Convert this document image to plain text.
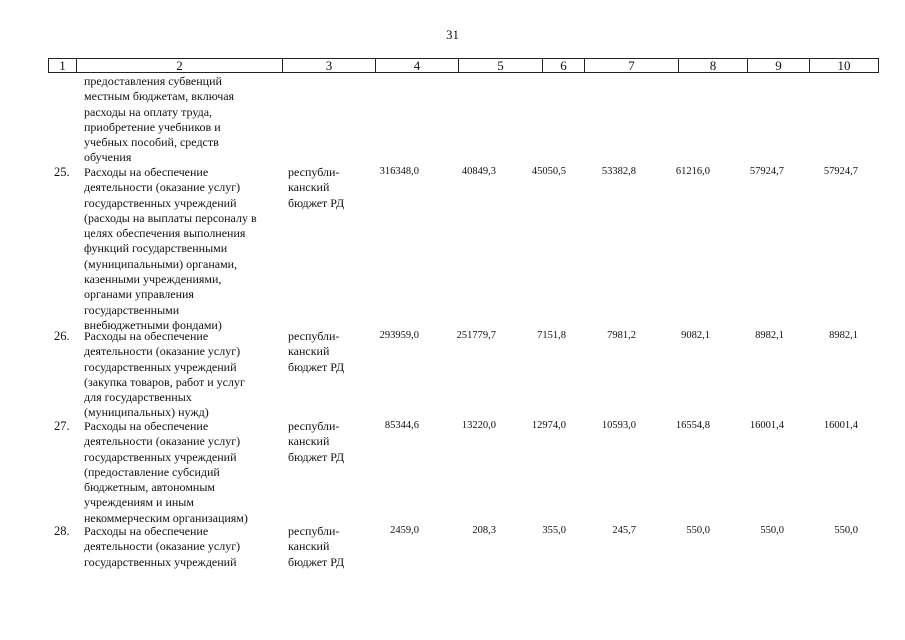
31
1	2	3	4	5	6	7	8	9	10
предоставления субвенций
местным бюджетам, включая
расходы на оплату труда,
приобретение учебников и
учебных пособий, средств
обучения
25. Расходы на обеспечение
деятельности (оказание услуг)
государственных учреждений
(расходы на выплаты персоналу в
целях обеспечения выполнения
функций государственными
(муниципальными) органами,
казенными учреждениями,
органами управления
государственными
внебюджетными фондами)
республи-
канский
бюджет РД
316348,0	40849,3	45050,5	53382,8	61216,0	57924,7	57924,7
26. Расходы на обеспечение
деятельности (оказание услуг)
государственных учреждений
(закупка товаров, работ и услуг
для государственных
(муниципальных) нужд)
республи-
канский
бюджет РД
293959,0	251779,7	7151,8	7981,2	9082,1	8982,1	8982,1
27. Расходы на обеспечение
деятельности (оказание услуг)
государственных учреждений
(предоставление субсидий
бюджетным, автономным
учреждениям и иным
некоммерческим организациям)
республи-
канский
бюджет РД
85344,6	13220,0	12974,0	10593,0	16554,8	16001,4	16001,4
28. Расходы на обеспечение
деятельности (оказание услуг)
государственных учреждений
республи-
канский
бюджет РД
2459,0	208,3	355,0	245,7	550,0	550,0	550,0
